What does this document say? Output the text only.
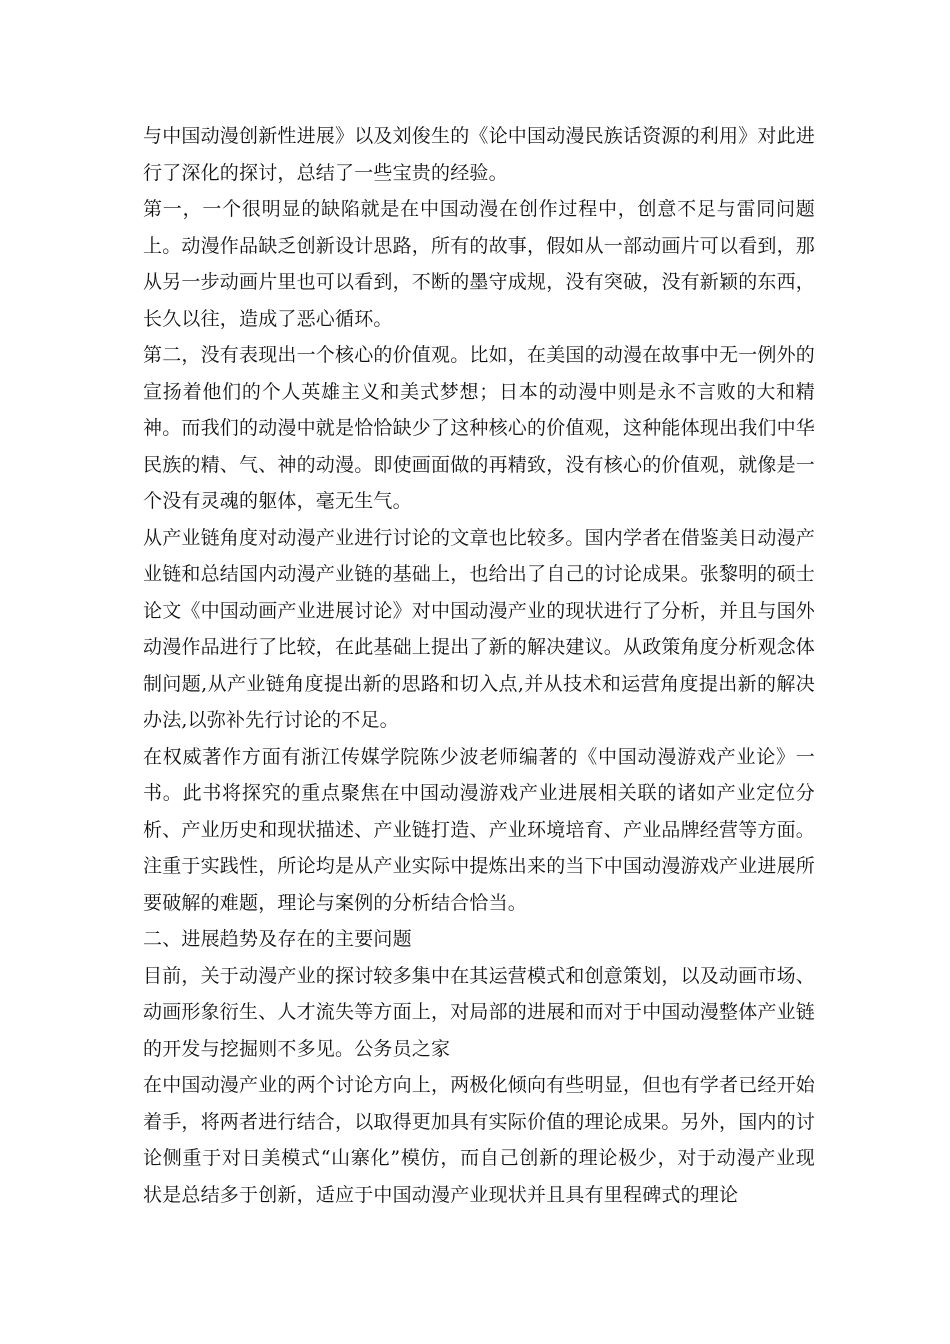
与中国动漫创新性进展》以及刘俊生的《论中国动漫民族话资源的利用》对此进行了深化的探讨，总结了一些宝贵的经验。

第一，一个很明显的缺陷就是在中国动漫在创作过程中，创意不足与雷同问题上。动漫作品缺乏创新设计思路，所有的故事，假如从一部动画片可以看到，那从另一步动画片里也可以看到，不断的墨守成规，没有突破，没有新颖的东西，长久以往，造成了恶心循环。

第二，没有表现出一个核心的价值观。比如，在美国的动漫在故事中无一例外的宣扬着他们的个人英雄主义和美式梦想；日本的动漫中则是永不言败的大和精神。而我们的动漫中就是恰恰缺少了这种核心的价值观，这种能体现出我们中华民族的精、气、神的动漫。即使画面做的再精致，没有核心的价值观，就像是一个没有灵魂的躯体，毫无生气。

从产业链角度对动漫产业进行讨论的文章也比较多。国内学者在借鉴美日动漫产业链和总结国内动漫产业链的基础上，也给出了自己的讨论成果。张黎明的硕士论文《中国动画产业进展讨论》对中国动漫产业的现状进行了分析，并且与国外动漫作品进行了比较，在此基础上提出了新的解决建议。从政策角度分析观念体制问题,从产业链角度提出新的思路和切入点,并从技术和运营角度提出新的解决办法,以弥补先行讨论的不足。

在权威著作方面有浙江传媒学院陈少波老师编著的《中国动漫游戏产业论》一书。此书将探究的重点聚焦在中国动漫游戏产业进展相关联的诸如产业定位分析、产业历史和现状描述、产业链打造、产业环境培育、产业品牌经营等方面。注重于实践性，所论均是从产业实际中提炼出来的当下中国动漫游戏产业进展所要破解的难题，理论与案例的分析结合恰当。

二、进展趋势及存在的主要问题

目前，关于动漫产业的探讨较多集中在其运营模式和创意策划，以及动画市场、动画形象衍生、人才流失等方面上，对局部的进展和而对于中国动漫整体产业链的开发与挖掘则不多见。公务员之家

在中国动漫产业的两个讨论方向上，两极化倾向有些明显，但也有学者已经开始着手，将两者进行结合，以取得更加具有实际价值的理论成果。另外，国内的讨论侧重于对日美模式“山寨化”模仿，而自己创新的理论极少，对于动漫产业现状是总结多于创新，适应于中国动漫产业现状并且具有里程碑式的理论
